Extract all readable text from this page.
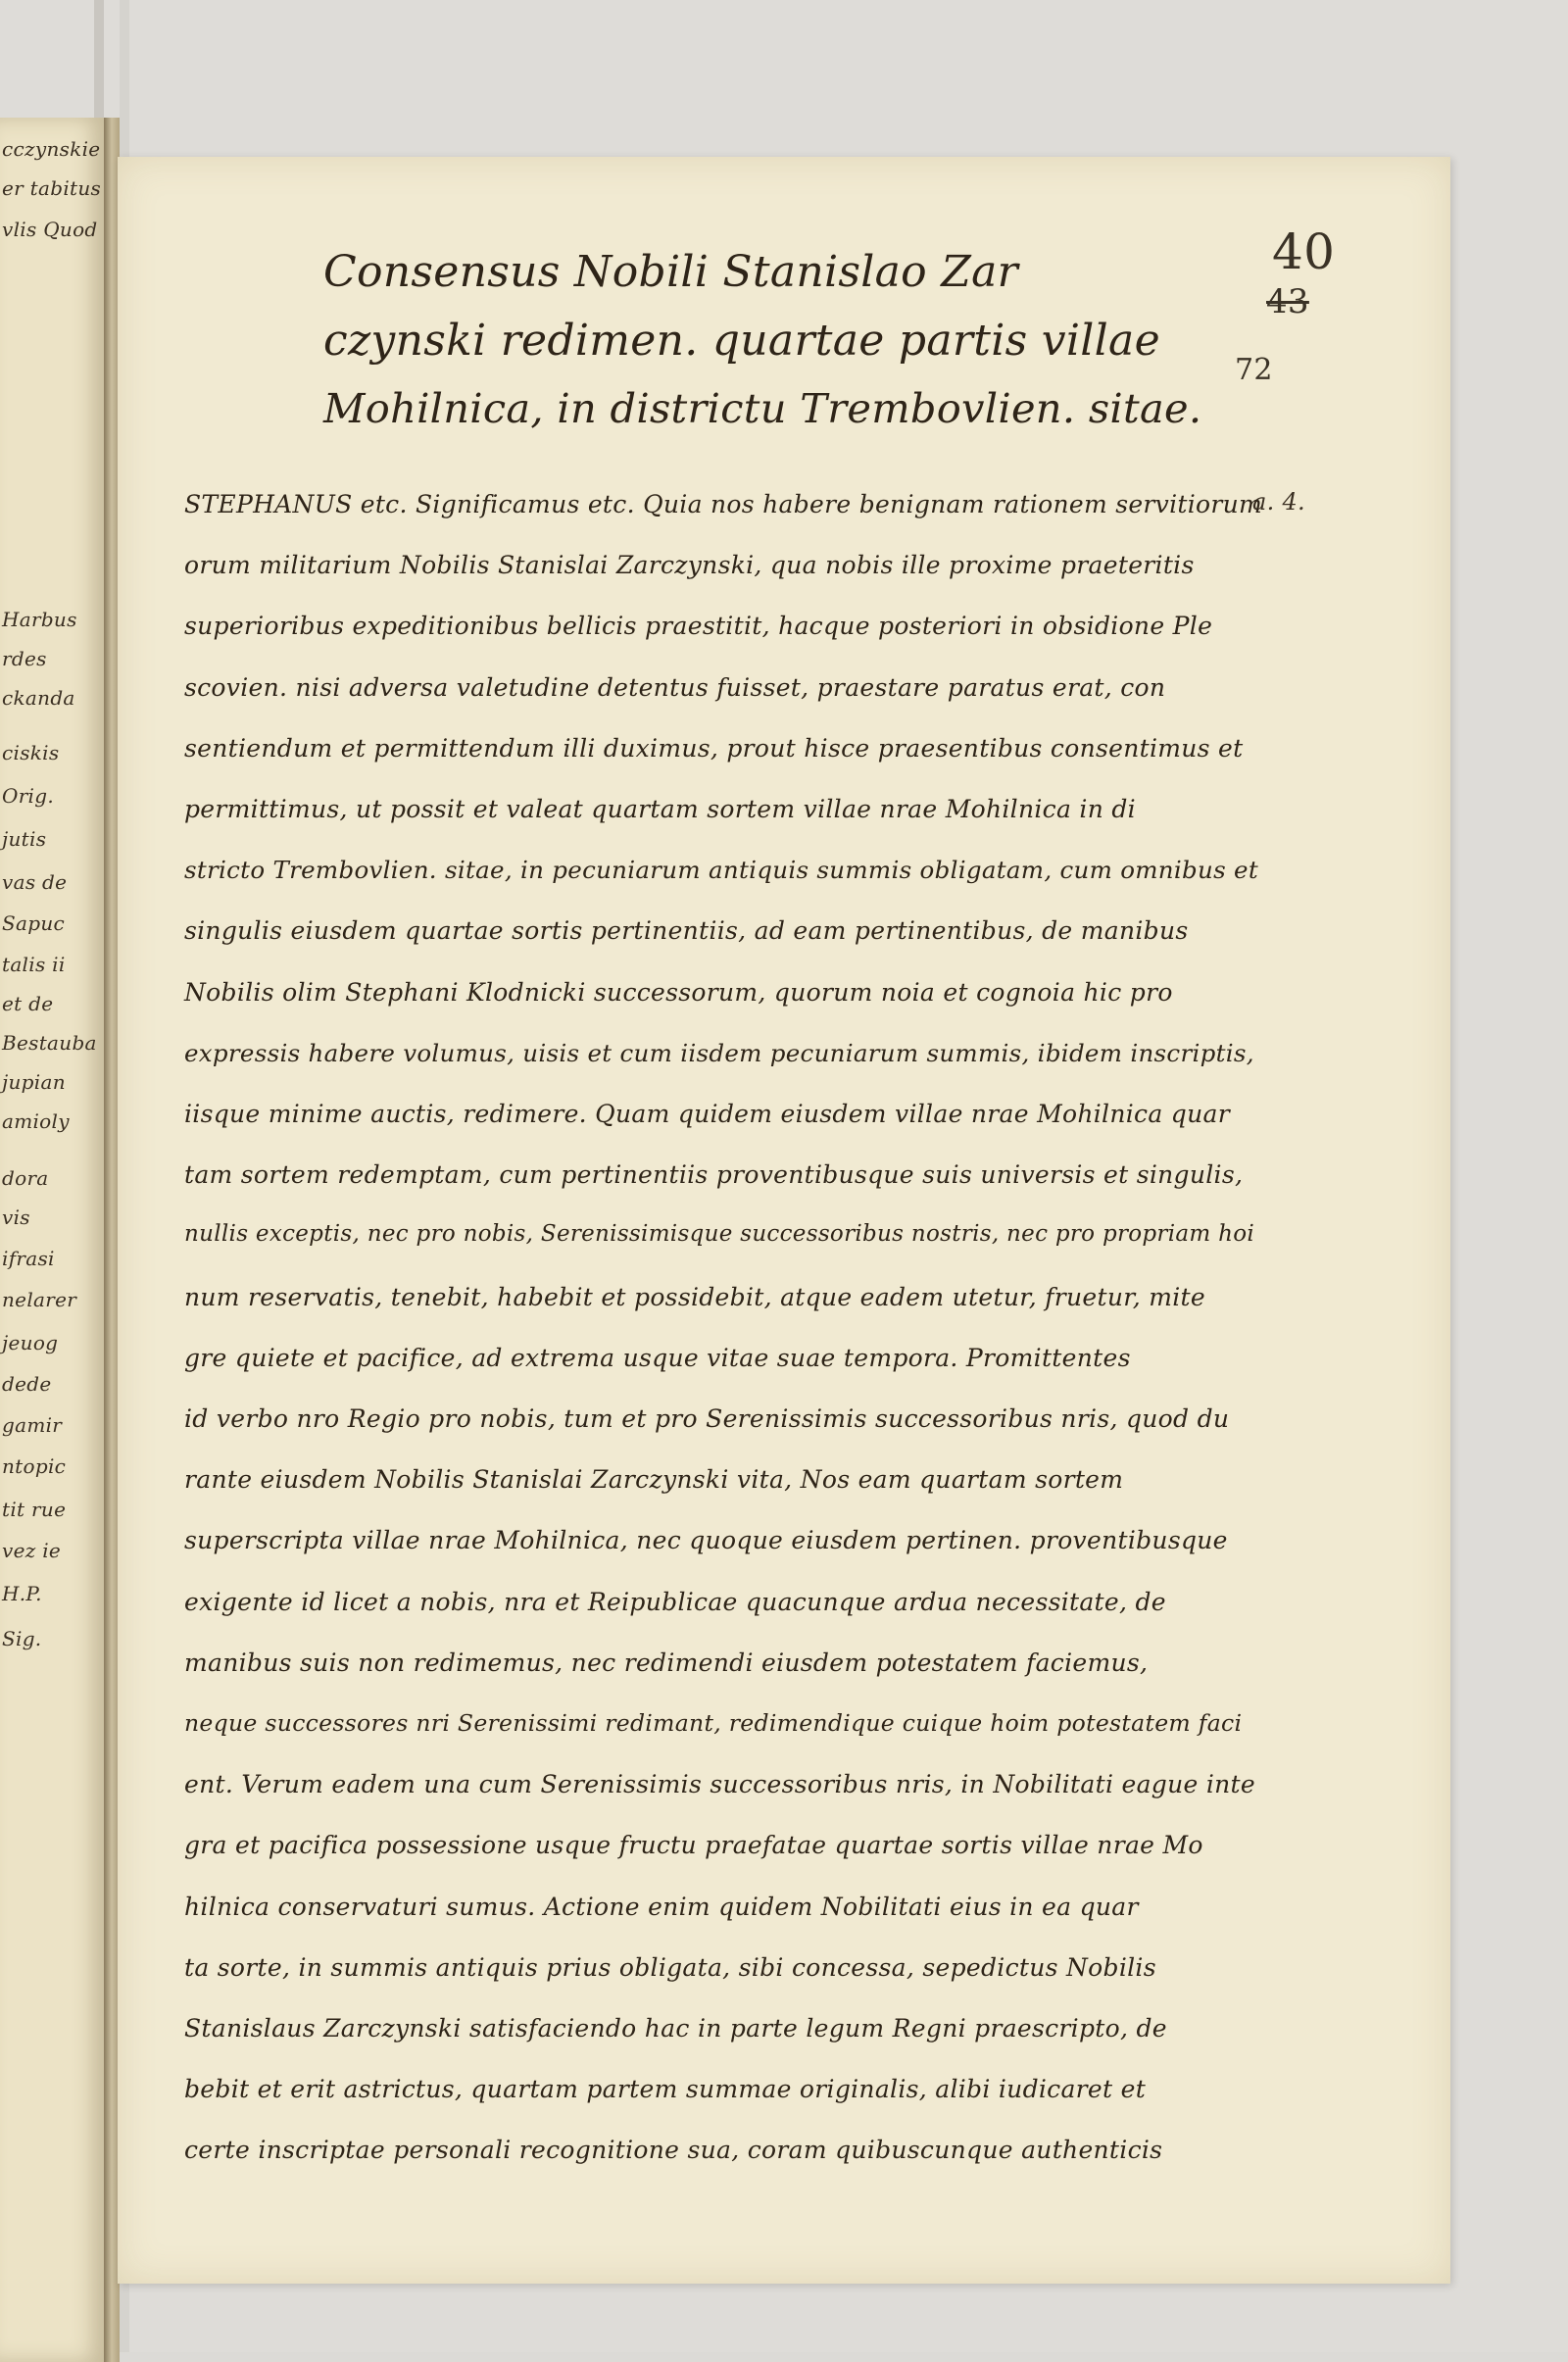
cczynskie
er tabitus
vlis Quod
Harbus
rdes
ckanda
ciskis
Orig.
jutis
vas de
Sapuc
talis ii
et de
Bestauba
jupian
amioly
dora
vis
ifrasi
nelarer
jeuog
dede
gamir
ntopic
tit rue
vez ie
H.P.
Sig.
40
43
72
Consensus Nobili Stanislao Zar
czynski redimen. quartae partis villae
Mohilnica, in districtu Trembovlien. sitae.
a. 4.
STEPHANUS etc. Significamus etc. Quia nos habere benignam rationem servitiorum
orum militarium Nobilis Stanislai Zarczynski, qua nobis ille proxime praeteritis
superioribus expeditionibus bellicis praestitit, hacque posteriori in obsidione Ple
scovien. nisi adversa valetudine detentus fuisset, praestare paratus erat, con
sentiendum et permittendum illi duximus, prout hisce praesentibus consentimus et
permittimus, ut possit et valeat quartam sortem villae nrae Mohilnica in di
stricto Trembovlien. sitae, in pecuniarum antiquis summis obligatam, cum omnibus et
singulis eiusdem quartae sortis pertinentiis, ad eam pertinentibus, de manibus
Nobilis olim Stephani Klodnicki successorum, quorum noia et cognoia hic pro
expressis habere volumus, uisis et cum iisdem pecuniarum summis, ibidem inscriptis,
iisque minime auctis, redimere. Quam quidem eiusdem villae nrae Mohilnica quar
tam sortem redemptam, cum pertinentiis proventibusque suis universis et singulis,
nullis exceptis, nec pro nobis, Serenissimisque successoribus nostris, nec pro propriam hoi
num reservatis, tenebit, habebit et possidebit, atque eadem utetur, fruetur, mite
gre quiete et pacifice, ad extrema usque vitae suae tempora. Promittentes
id verbo nro Regio pro nobis, tum et pro Serenissimis successoribus nris, quod du
rante eiusdem Nobilis Stanislai Zarczynski vita, Nos eam quartam sortem
superscripta villae nrae Mohilnica, nec quoque eiusdem pertinen. proventibusque
exigente id licet a nobis, nra et Reipublicae quacunque ardua necessitate, de
manibus suis non redimemus, nec redimendi eiusdem potestatem faciemus,
neque successores nri Serenissimi redimant, redimendique cuique hoim potestatem faci
ent. Verum eadem una cum Serenissimis successoribus nris, in Nobilitati eague inte
gra et pacifica possessione usque fructu praefatae quartae sortis villae nrae Mo
hilnica conservaturi sumus. Actione enim quidem Nobilitati eius in ea quar
ta sorte, in summis antiquis prius obligata, sibi concessa, sepedictus Nobilis
Stanislaus Zarczynski satisfaciendo hac in parte legum Regni praescripto, de
bebit et erit astrictus, quartam partem summae originalis, alibi iudicaret et
certe inscriptae personali recognitione sua, coram quibuscunque authenticis
